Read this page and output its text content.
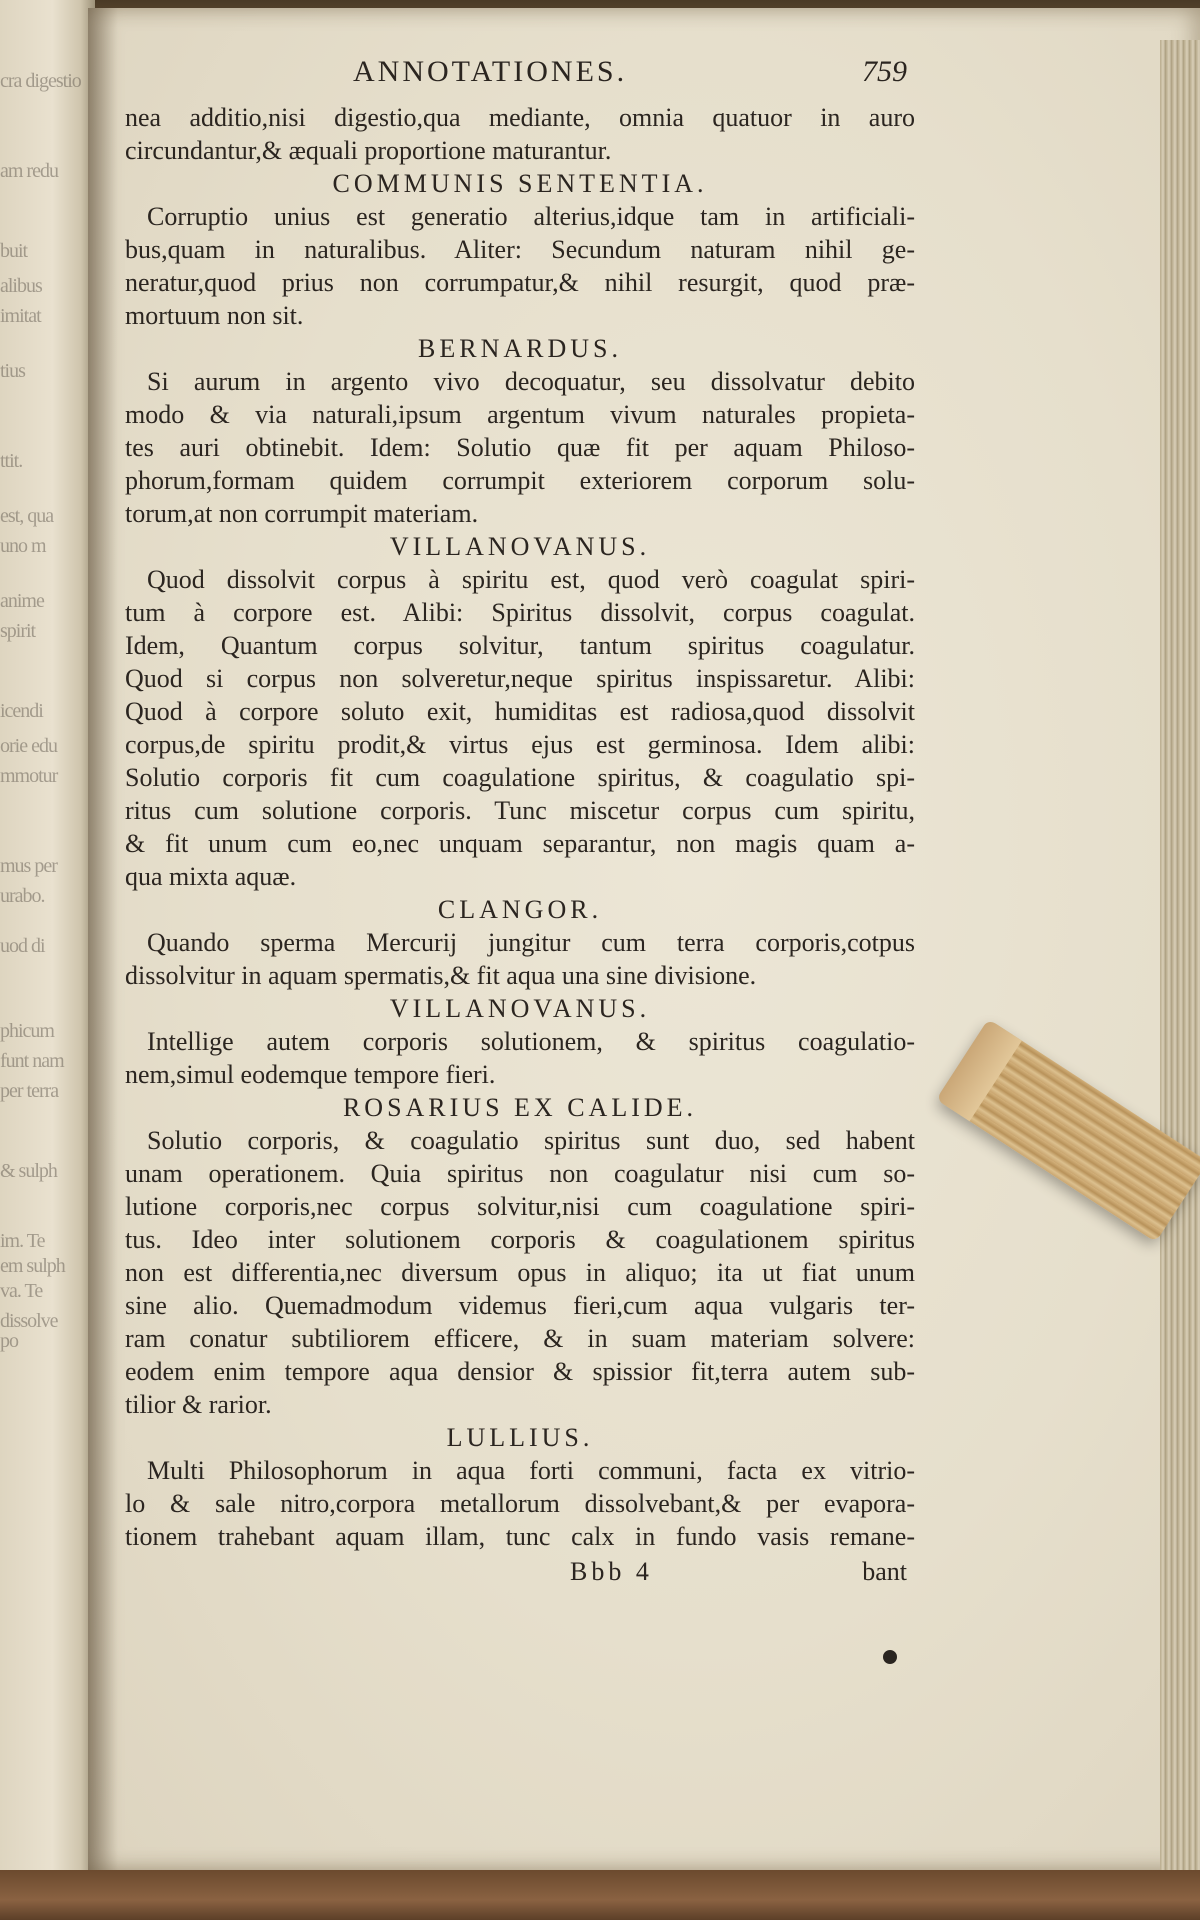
cra digestio
am redu
buit
alibus
imitat
tius
ttit.
est, qua
uno m
anime
spirit
icendi
orie edu
mmotur
mus per
urabo.
uod di
phicum
funt nam
per terra
& sulph
im. Te
em sulph
va. Te
dissolve
po
ANNOTATIONES.	759
nea additio,nisi digestio,qua mediante, omnia quatuor in auro
circundantur,& æquali proportione maturantur.
COMMUNIS SENTENTIA.
Corruptio unius est generatio alterius,idque tam in artificiali-
bus,quam in naturalibus. Aliter: Secundum naturam nihil ge-
neratur,quod prius non corrumpatur,& nihil resurgit, quod præ-
mortuum non sit.
BERNARDUS.
Si aurum in argento vivo decoquatur, seu dissolvatur debito
modo & via naturali,ipsum argentum vivum naturales propieta-
tes auri obtinebit. Idem: Solutio quæ fit per aquam Philoso-
phorum,formam quidem corrumpit exteriorem corporum solu-
torum,at non corrumpit materiam.
VILLANOVANUS.
Quod dissolvit corpus à spiritu est, quod verò coagulat spiri-
tum à corpore est. Alibi: Spiritus dissolvit, corpus coagulat.
Idem, Quantum corpus solvitur, tantum spiritus coagulatur.
Quod si corpus non solveretur,neque spiritus inspissaretur. Alibi:
Quod à corpore soluto exit, humiditas est radiosa,quod dissolvit
corpus,de spiritu prodit,& virtus ejus est germinosa. Idem alibi:
Solutio corporis fit cum coagulatione spiritus, & coagulatio spi-
ritus cum solutione corporis. Tunc miscetur corpus cum spiritu,
& fit unum cum eo,nec unquam separantur, non magis quam a-
qua mixta aquæ.
CLANGOR.
Quando sperma Mercurij jungitur cum terra corporis,cotpus
dissolvitur in aquam spermatis,& fit aqua una sine divisione.
VILLANOVANUS.
Intellige autem corporis solutionem, & spiritus coagulatio-
nem,simul eodemque tempore fieri.
ROSARIUS EX CALIDE.
Solutio corporis, & coagulatio spiritus sunt duo, sed habent
unam operationem. Quia spiritus non coagulatur nisi cum so-
lutione corporis,nec corpus solvitur,nisi cum coagulatione spiri-
tus. Ideo inter solutionem corporis & coagulationem spiritus
non est differentia,nec diversum opus in aliquo; ita ut fiat unum
sine alio. Quemadmodum videmus fieri,cum aqua vulgaris ter-
ram conatur subtiliorem efficere, & in suam materiam solvere:
eodem enim tempore aqua densior & spissior fit,terra autem sub-
tilior & rarior.
LULLIUS.
Multi Philosophorum in aqua forti communi, facta ex vitrio-
lo & sale nitro,corpora metallorum dissolvebant,& per evapora-
tionem trahebant aquam illam, tunc calx in fundo vasis remane-
Bbb 4	bant
